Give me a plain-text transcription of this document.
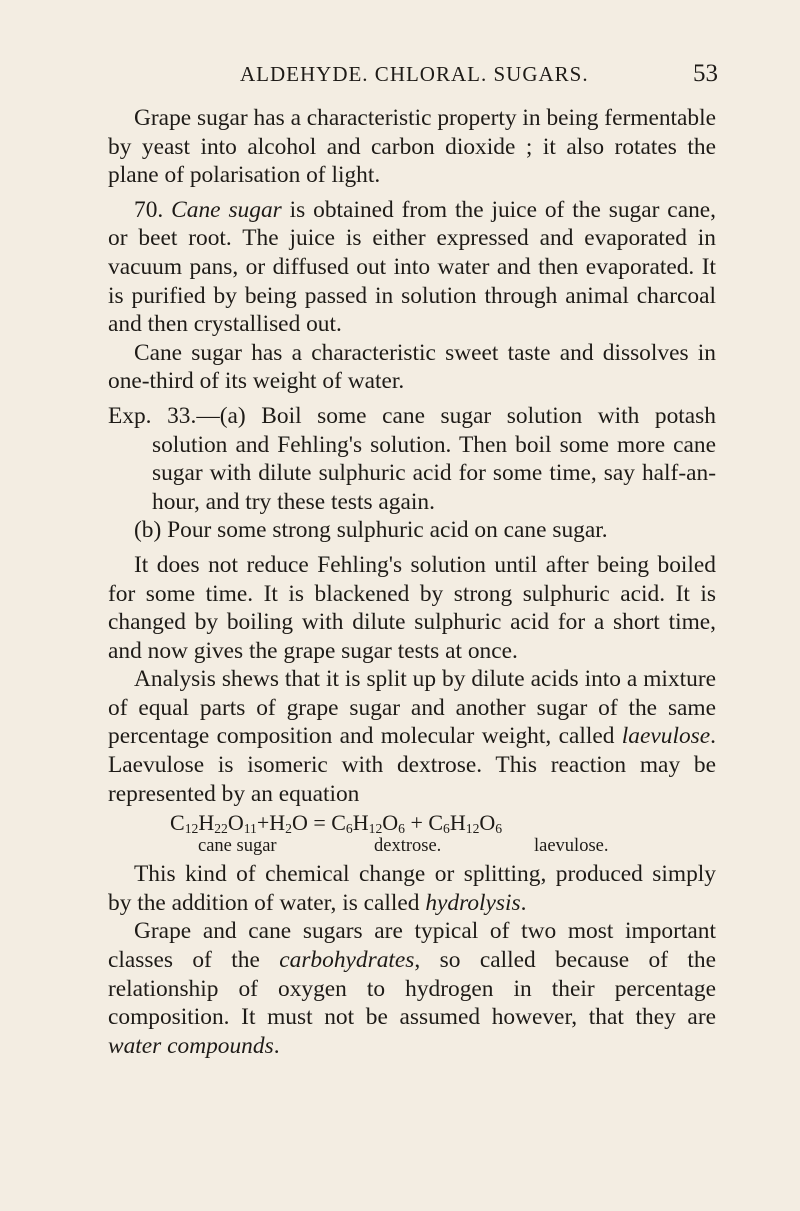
ALDEHYDE. CHLORAL. SUGARS.	53

Grape sugar has a characteristic property in being fermentable by yeast into alcohol and carbon dioxide ; it also rotates the plane of polarisation of light.

70. Cane sugar is obtained from the juice of the sugar cane, or beet root. The juice is either expressed and evaporated in vacuum pans, or diffused out into water and then evaporated. It is purified by being passed in solution through animal charcoal and then crystallised out.

Cane sugar has a characteristic sweet taste and dissolves in one-third of its weight of water.

Exp. 33.—(a) Boil some cane sugar solution with potash solution and Fehling's solution. Then boil some more cane sugar with dilute sulphuric acid for some time, say half-an-hour, and try these tests again.

(b) Pour some strong sulphuric acid on cane sugar.

It does not reduce Fehling's solution until after being boiled for some time. It is blackened by strong sulphuric acid. It is changed by boiling with dilute sulphuric acid for a short time, and now gives the grape sugar tests at once.

Analysis shews that it is split up by dilute acids into a mixture of equal parts of grape sugar and another sugar of the same percentage composition and molecular weight, called laevulose. Laevulose is isomeric with dextrose. This reaction may be represented by an equation

$C_{12}H_{22}O_{11}+H_2O = C_6H_{12}O_6 + C_6H_{12}O_6$
cane sugar	dextrose.	laevulose.

This kind of chemical change or splitting, produced simply by the addition of water, is called hydrolysis.

Grape and cane sugars are typical of two most important classes of the carbohydrates, so called because of the relationship of oxygen to hydrogen in their percentage composition. It must not be assumed however, that they are water compounds.
